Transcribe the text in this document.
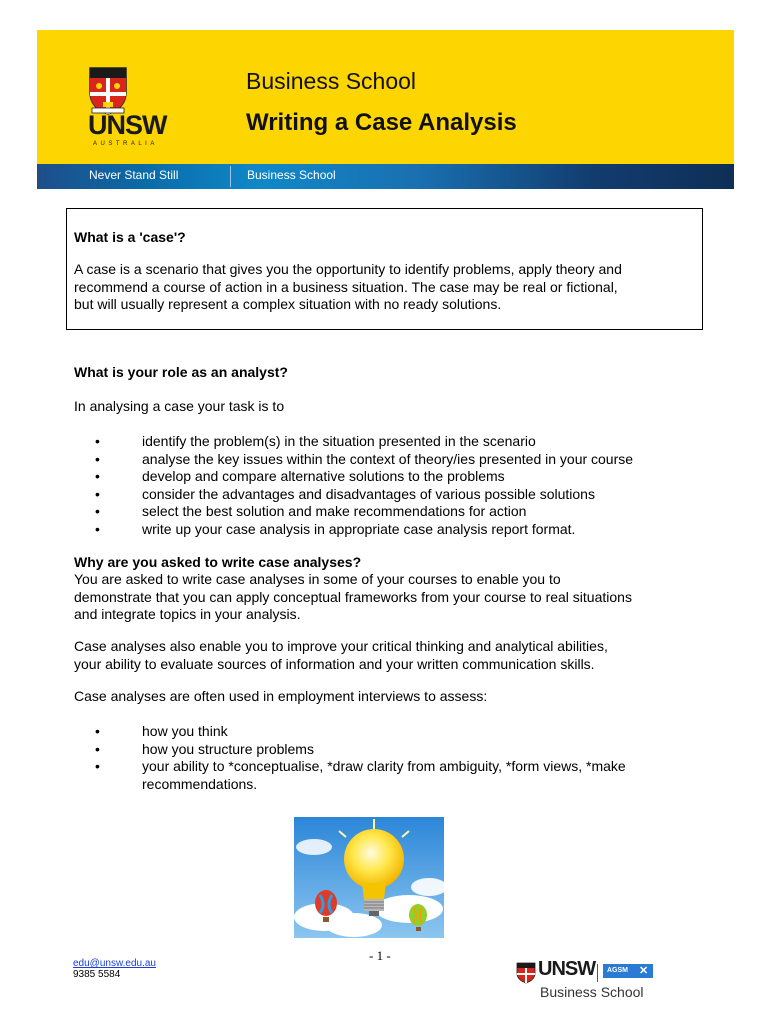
UNSW
AUSTRALIA
Business School
Writing a Case Analysis
Never Stand Still	Business School

What is a 'case'?

A case is a scenario that gives you the opportunity to identify problems, apply theory and

recommend a course of action in a business situation. The case may be real or fictional,

but will usually represent a complex situation with no ready solutions.

What is your role as an analyst?

In analysing a case your task is to

•	identify the problem(s) in the situation presented in the scenario
•	analyse the key issues within the context of theory/ies presented in your course
•	develop and compare alternative solutions to the problems
•	consider the advantages and disadvantages of various possible solutions
•	select the best solution and make recommendations for action
•	write up your case analysis in appropriate case analysis report format.

Why are you asked to write case analyses?

You are asked to write case analyses in some of your courses to enable you to

demonstrate that you can apply conceptual frameworks from your course to real situations

and integrate topics in your analysis.

Case analyses also enable you to improve your critical thinking and analytical abilities,

your ability to evaluate sources of information and your written communication skills.

Case analyses are often used in employment interviews to assess:

•	how you think
•	how you structure problems
•	your ability to *conceptualise, *draw clarity from ambiguity, *form views, *make
recommendations.
- 1 -
edu@unsw.edu.au
9385 5584	UNSW AGSM ✕
Business School
